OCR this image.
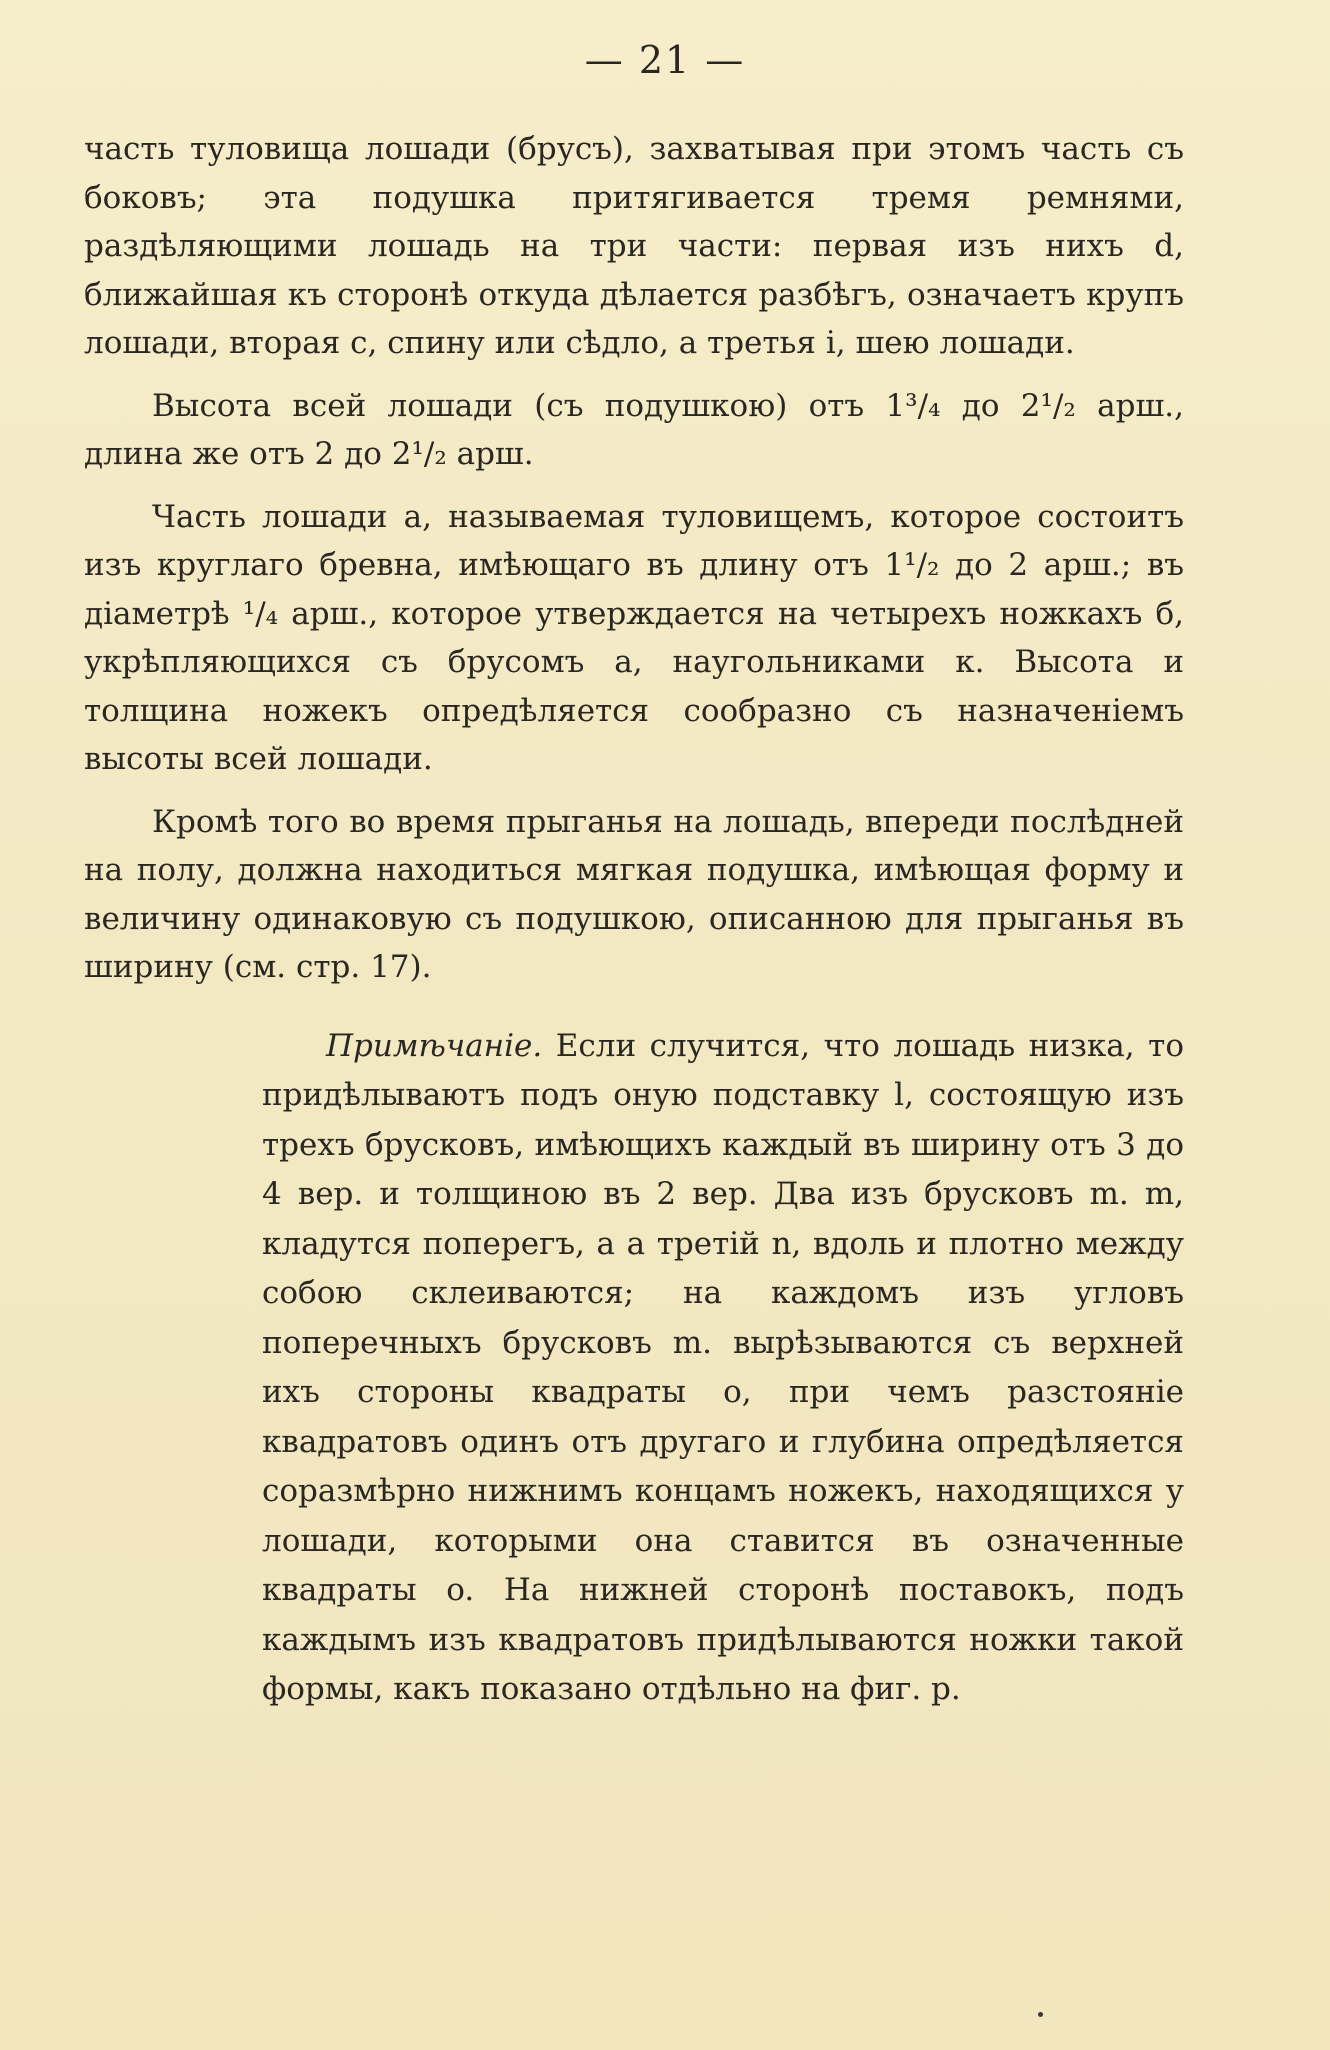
— 21 —

часть туловища лошади (брусъ), захватывая при этомъ часть съ боковъ; эта подушка притягивается тремя ремнями, раздѣляющими лошадь на три части: первая изъ нихъ d, ближайшая къ сторонѣ откуда дѣлается разбѣгъ, означаетъ крупъ лошади, вторая c, спину или сѣдло, а третья i, шею лошади.

Высота всей лошади (съ подушкою) отъ 1³/₄ до 2¹/₂ арш., длина же отъ 2 до 2¹/₂ арш.

Часть лошади a, называемая туловищемъ, которое состоитъ изъ круглаго бревна, имѣющаго въ длину отъ 1¹/₂ до 2 арш.; въ діаметрѣ ¹/₄ арш., которое утверждается на четырехъ ножкахъ б, укрѣпляющихся съ брусомъ a, наугольниками к. Высота и толщина ножекъ опредѣляется сообразно съ назначеніемъ высоты всей лошади.

Кромѣ того во время прыганья на лошадь, впереди послѣдней на полу, должна находиться мягкая подушка, имѣющая форму и величину одинаковую съ подушкою, описанною для прыганья въ ширину (см. стр. 17).

Примѣчаніе. Если случится, что лошадь низка, то придѣлываютъ подъ оную подставку l, состоящую изъ трехъ брусковъ, имѣющихъ каждый въ ширину отъ 3 до 4 вер. и толщиною въ 2 вер. Два изъ брусковъ m. m, кладутся поперегъ, а а третій n, вдоль и плотно между собою склеиваются; на каждомъ изъ угловъ поперечныхъ брусковъ m. вырѣзываются съ верхней ихъ стороны квадраты o, при чемъ разстояніе квадратовъ одинъ отъ другаго и глубина опредѣляется соразмѣрно нижнимъ концамъ ножекъ, находящихся у лошади, которыми она ставится въ означенные квадраты o. На нижней сторонѣ поставокъ, подъ каждымъ изъ квадратовъ придѣлываются ножки такой формы, какъ показано отдѣльно на фиг. p.
